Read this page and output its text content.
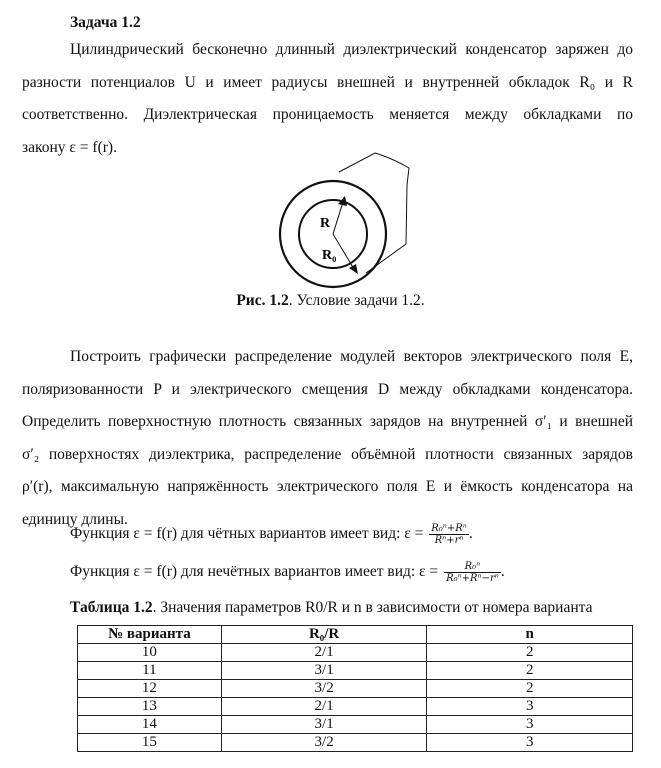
Задача 1.2
Цилиндрический бесконечно длинный диэлектрический конденсатор заряжен до
разности потенциалов U и имеет радиусы внешней и внутренней обкладок R₀ и R
соответственно. Диэлектрическая проницаемость меняется между обкладками по
закону ε = f(r).
R
R₀
Рис. 1.2. Условие задачи 1.2.
Построить графически распределение модулей векторов электрического поля E,
поляризованности P и электрического смещения D между обкладками конденсатора.
Определить поверхностную плотность связанных зарядов на внутренней σ′₁ и внешней
σ′₂ поверхностях диэлектрика, распределение объёмной плотности связанных зарядов
ρ′(r), максимальную напряжённость электрического поля E и ёмкость конденсатора на
единицу длины.
Функция ε = f(r) для чётных вариантов имеет вид: $\varepsilon = \frac{\text{R₀ⁿ+Rⁿ}}{\text{Rⁿ+rⁿ}}$ .
Функция ε = f(r) для нечётных вариантов имеет вид: $\varepsilon = \frac{\text{R₀ⁿ}}{\text{R₀ⁿ+Rⁿ−rⁿ}}$ .
Таблица 1.2. Значения параметров R0/R и n в зависимости от номера варианта
№ варианта	R₀/R	n
10	2/1	2
11	3/1	2
12	3/2	2
13	2/1	3
14	3/1	3
15	3/2	3
